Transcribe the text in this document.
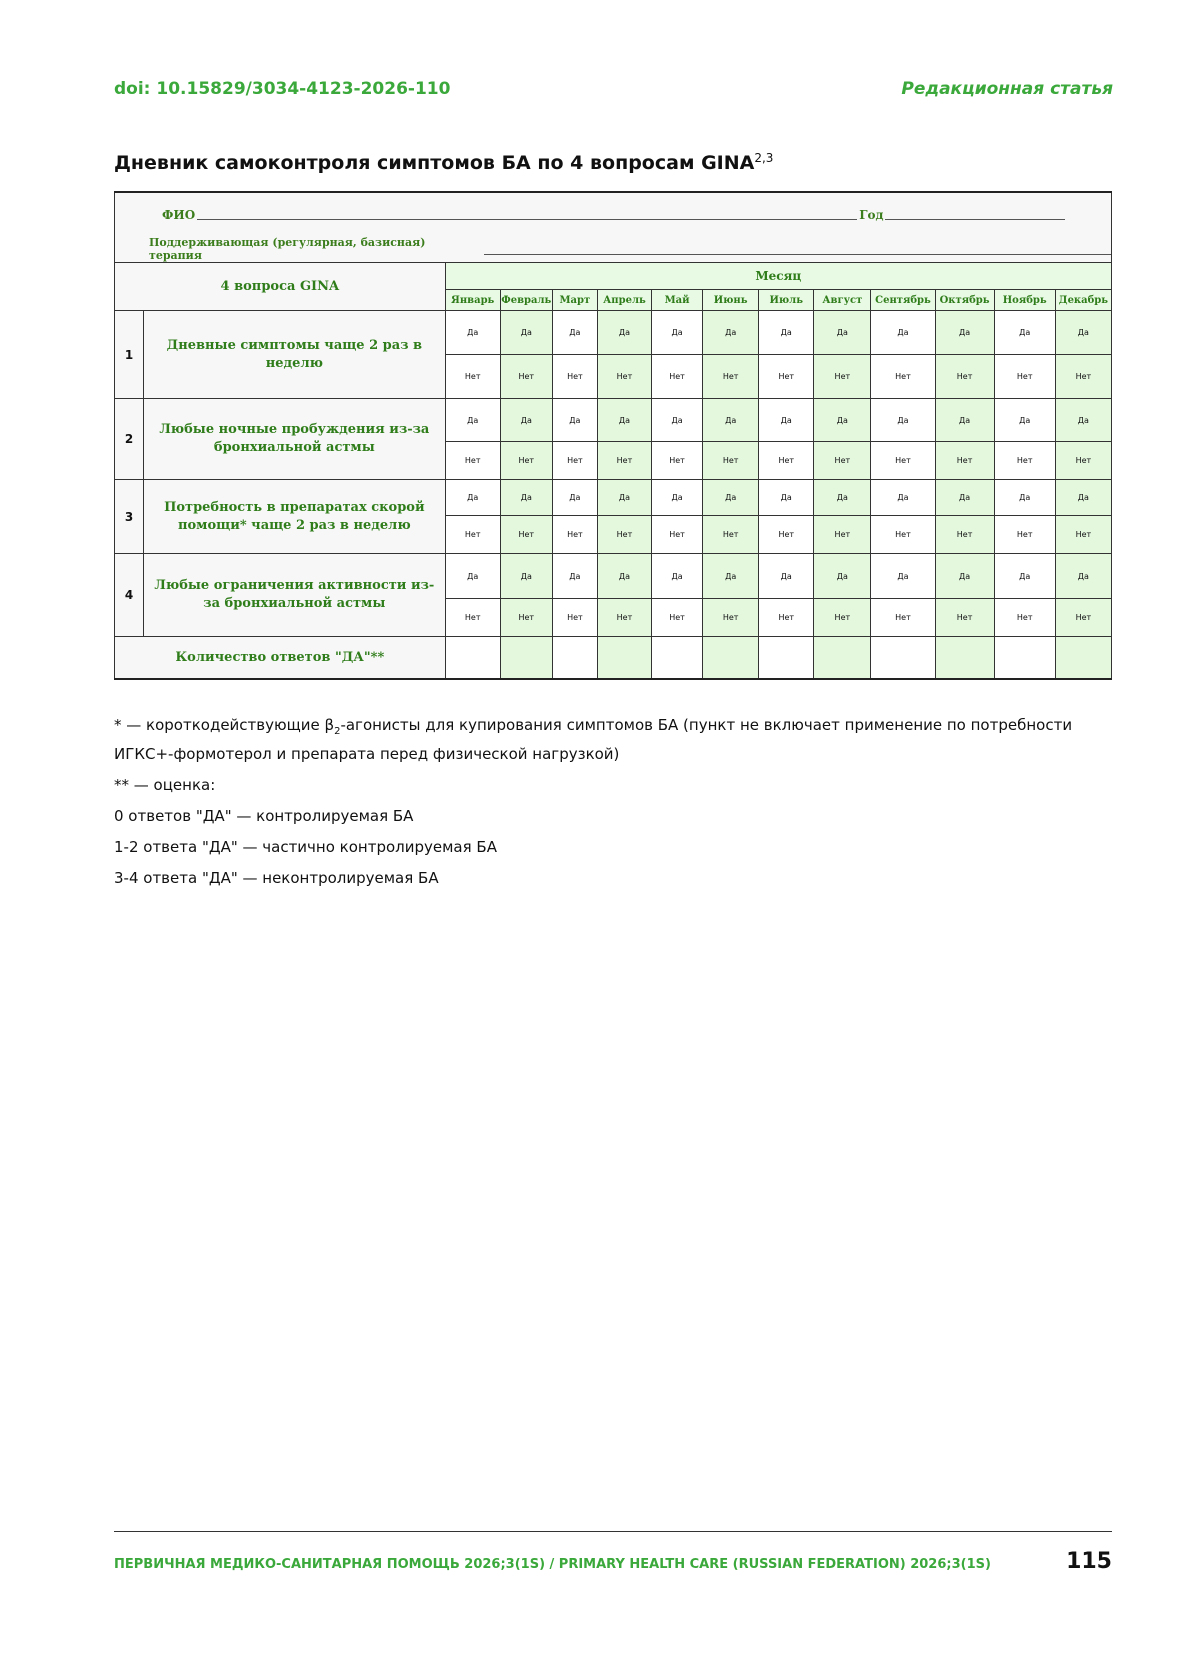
doi: 10.15829/3034-4123-2026-110	Редакционная статья
Дневник самоконтроля симптомов БА по 4 вопросам GINA$^{2,3}$
ФИО Год
Поддерживающая (регулярная, базисная) терапия													

4 вопроса GINA		Месяц											
		Январь	Февраль	Март	Апрель	Май	Июнь	Июль	Август	Сентябрь	Октябрь	Ноябрь	Декабрь
1	Дневные симптомы чаще 2 раз в неделю	Да	Да	Да	Да	Да	Да	Да	Да	Да	Да	Да	Да
		Нет	Нет	Нет	Нет	Нет	Нет	Нет	Нет	Нет	Нет	Нет	Нет
2	Любые ночные пробуждения из-за бронхиальной астмы	Да	Да	Да	Да	Да	Да	Да	Да	Да	Да	Да	Да
		Нет	Нет	Нет	Нет	Нет	Нет	Нет	Нет	Нет	Нет	Нет	Нет
3	Потребность в препаратах скорой помощи* чаще 2 раз в неделю	Да	Да	Да	Да	Да	Да	Да	Да	Да	Да	Да	Да
		Нет	Нет	Нет	Нет	Нет	Нет	Нет	Нет	Нет	Нет	Нет	Нет
4	Любые ограничения активности из-за бронхиальной астмы	Да	Да	Да	Да	Да	Да	Да	Да	Да	Да	Да	Да
		Нет	Нет	Нет	Нет	Нет	Нет	Нет	Нет	Нет	Нет	Нет	Нет
Количество ответов "ДА"**													

* — короткодействующие $\beta_2$-агонисты для купирования симптомов БА (пункт не включает применение по потребности ИГКС+-формотерол и препарата перед физической нагрузкой)

** — оценка:

0 ответов "ДА" — контролируемая БА

1-2 ответа "ДА" — частично контролируемая БА

3-4 ответа "ДА" — неконтролируемая БА

ПЕРВИЧНАЯ МЕДИКО-САНИТАРНАЯ ПОМОЩЬ 2026;3(1S) / PRIMARY HEALTH CARE (RUSSIAN FEDERATION) 2026;3(1S)	115
